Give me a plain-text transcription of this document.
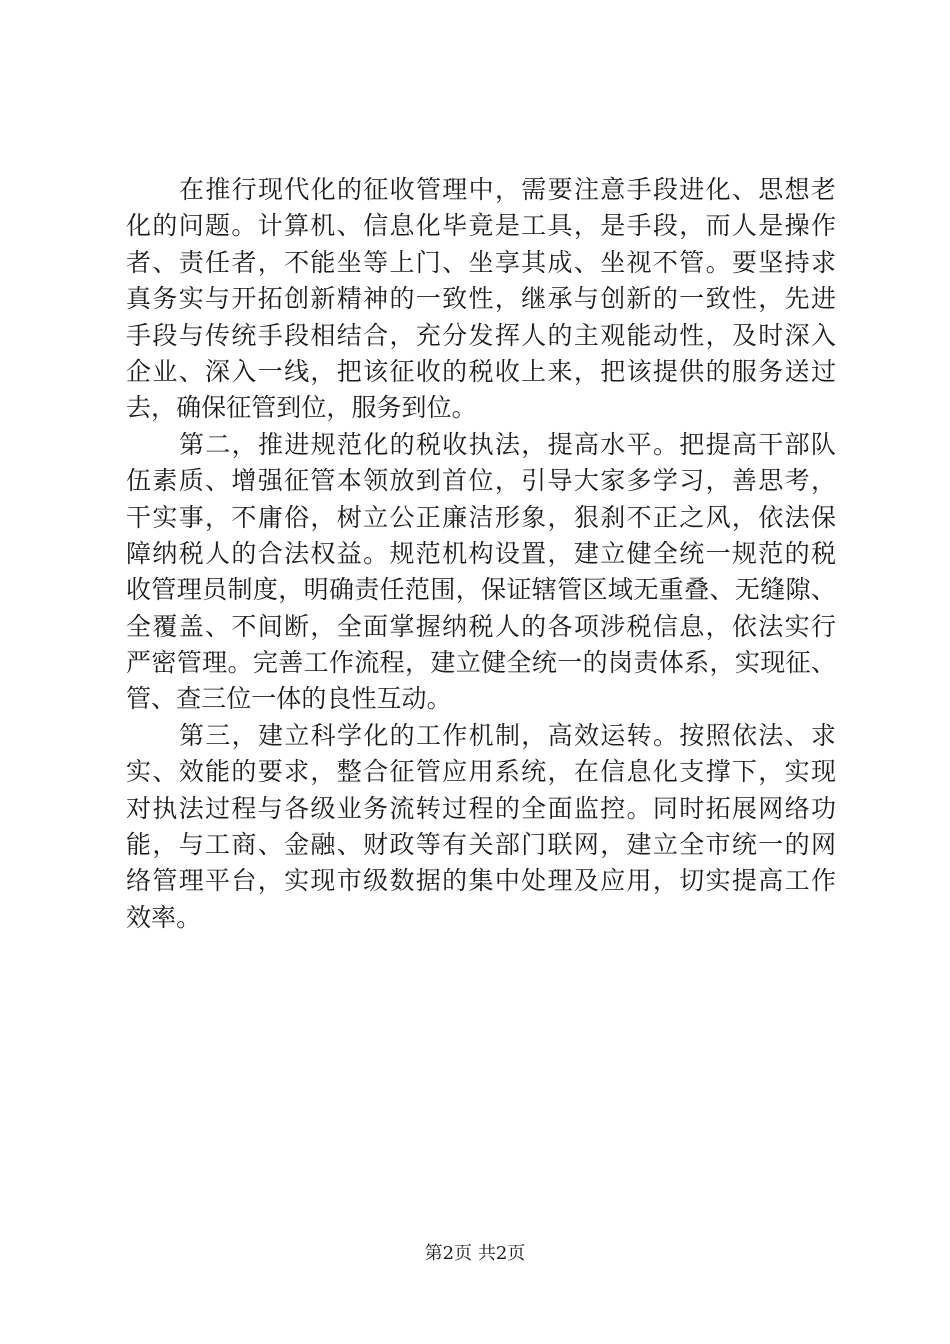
在推行现代化的征收管理中，需要注意手段进化、思想老
化的问题。计算机、信息化毕竟是工具，是手段，而人是操作
者、责任者，不能坐等上门、坐享其成、坐视不管。要坚持求
真务实与开拓创新精神的一致性，继承与创新的一致性，先进
手段与传统手段相结合，充分发挥人的主观能动性，及时深入
企业、深入一线，把该征收的税收上来，把该提供的服务送过
去，确保征管到位，服务到位。
第二，推进规范化的税收执法，提高水平。把提高干部队
伍素质、增强征管本领放到首位，引导大家多学习，善思考，
干实事，不庸俗，树立公正廉洁形象，狠刹不正之风，依法保
障纳税人的合法权益。规范机构设置，建立健全统一规范的税
收管理员制度，明确责任范围，保证辖管区域无重叠、无缝隙、
全覆盖、不间断，全面掌握纳税人的各项涉税信息，依法实行
严密管理。完善工作流程，建立健全统一的岗责体系，实现征、
管、查三位一体的良性互动。
第三，建立科学化的工作机制，高效运转。按照依法、求
实、效能的要求，整合征管应用系统，在信息化支撑下，实现
对执法过程与各级业务流转过程的全面监控。同时拓展网络功
能，与工商、金融、财政等有关部门联网，建立全市统一的网
络管理平台，实现市级数据的集中处理及应用，切实提高工作
效率。
第2页 共2页
